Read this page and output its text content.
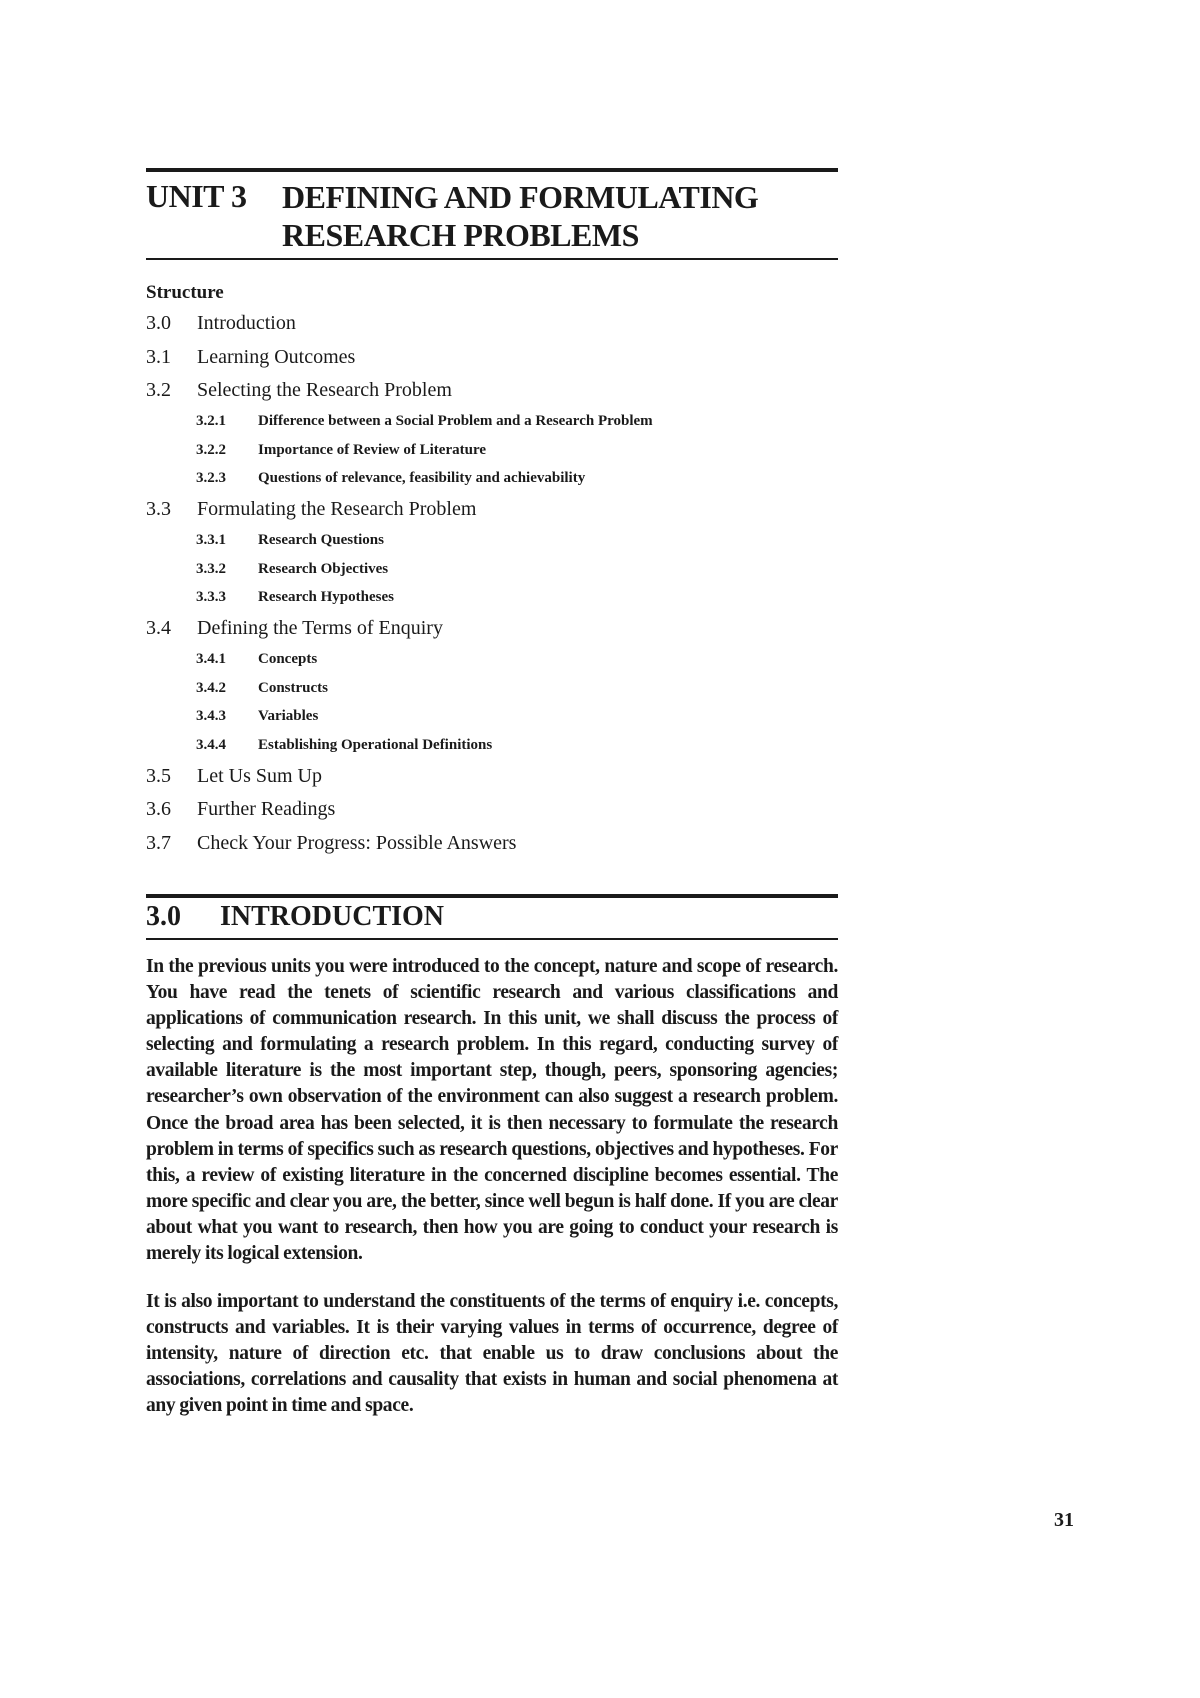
UNIT 3 DEFINING AND FORMULATING
RESEARCH PROBLEMS
Structure
3.0 Introduction
3.1 Learning Outcomes
3.2 Selecting the Research Problem
3.2.1 Difference between a Social Problem and a Research Problem
3.2.2 Importance of Review of Literature
3.2.3 Questions of relevance, feasibility and achievability
3.3 Formulating the Research Problem
3.3.1 Research Questions
3.3.2 Research Objectives
3.3.3 Research Hypotheses
3.4 Defining the Terms of Enquiry
3.4.1 Concepts
3.4.2 Constructs
3.4.3 Variables
3.4.4 Establishing Operational Definitions
3.5 Let Us Sum Up
3.6 Further Readings
3.7 Check Your Progress: Possible Answers
3.0 INTRODUCTION

In the previous units you were introduced to the concept, nature and scope of research. You have read the tenets of scientific research and various classifications and applications of communication research. In this unit, we shall discuss the process of selecting and formulating a research problem. In this regard, conducting survey of available literature is the most important step, though, peers, sponsoring agencies; researcher’s own observation of the environment can also suggest a research problem. Once the broad area has been selected, it is then necessary to formulate the research problem in terms of specifics such as research questions, objectives and hypotheses. For this, a review of existing literature in the concerned discipline becomes essential. The more specific and clear you are, the better, since well begun is half done. If you are clear about what you want to research, then how you are going to conduct your research is merely its logical extension.

It is also important to understand the constituents of the terms of enquiry i.e. concepts, constructs and variables. It is their varying values in terms of occurrence, degree of intensity, nature of direction etc. that enable us to draw conclusions about the associations, correlations and causality that exists in human and social phenomena at any given point in time and space.

31
